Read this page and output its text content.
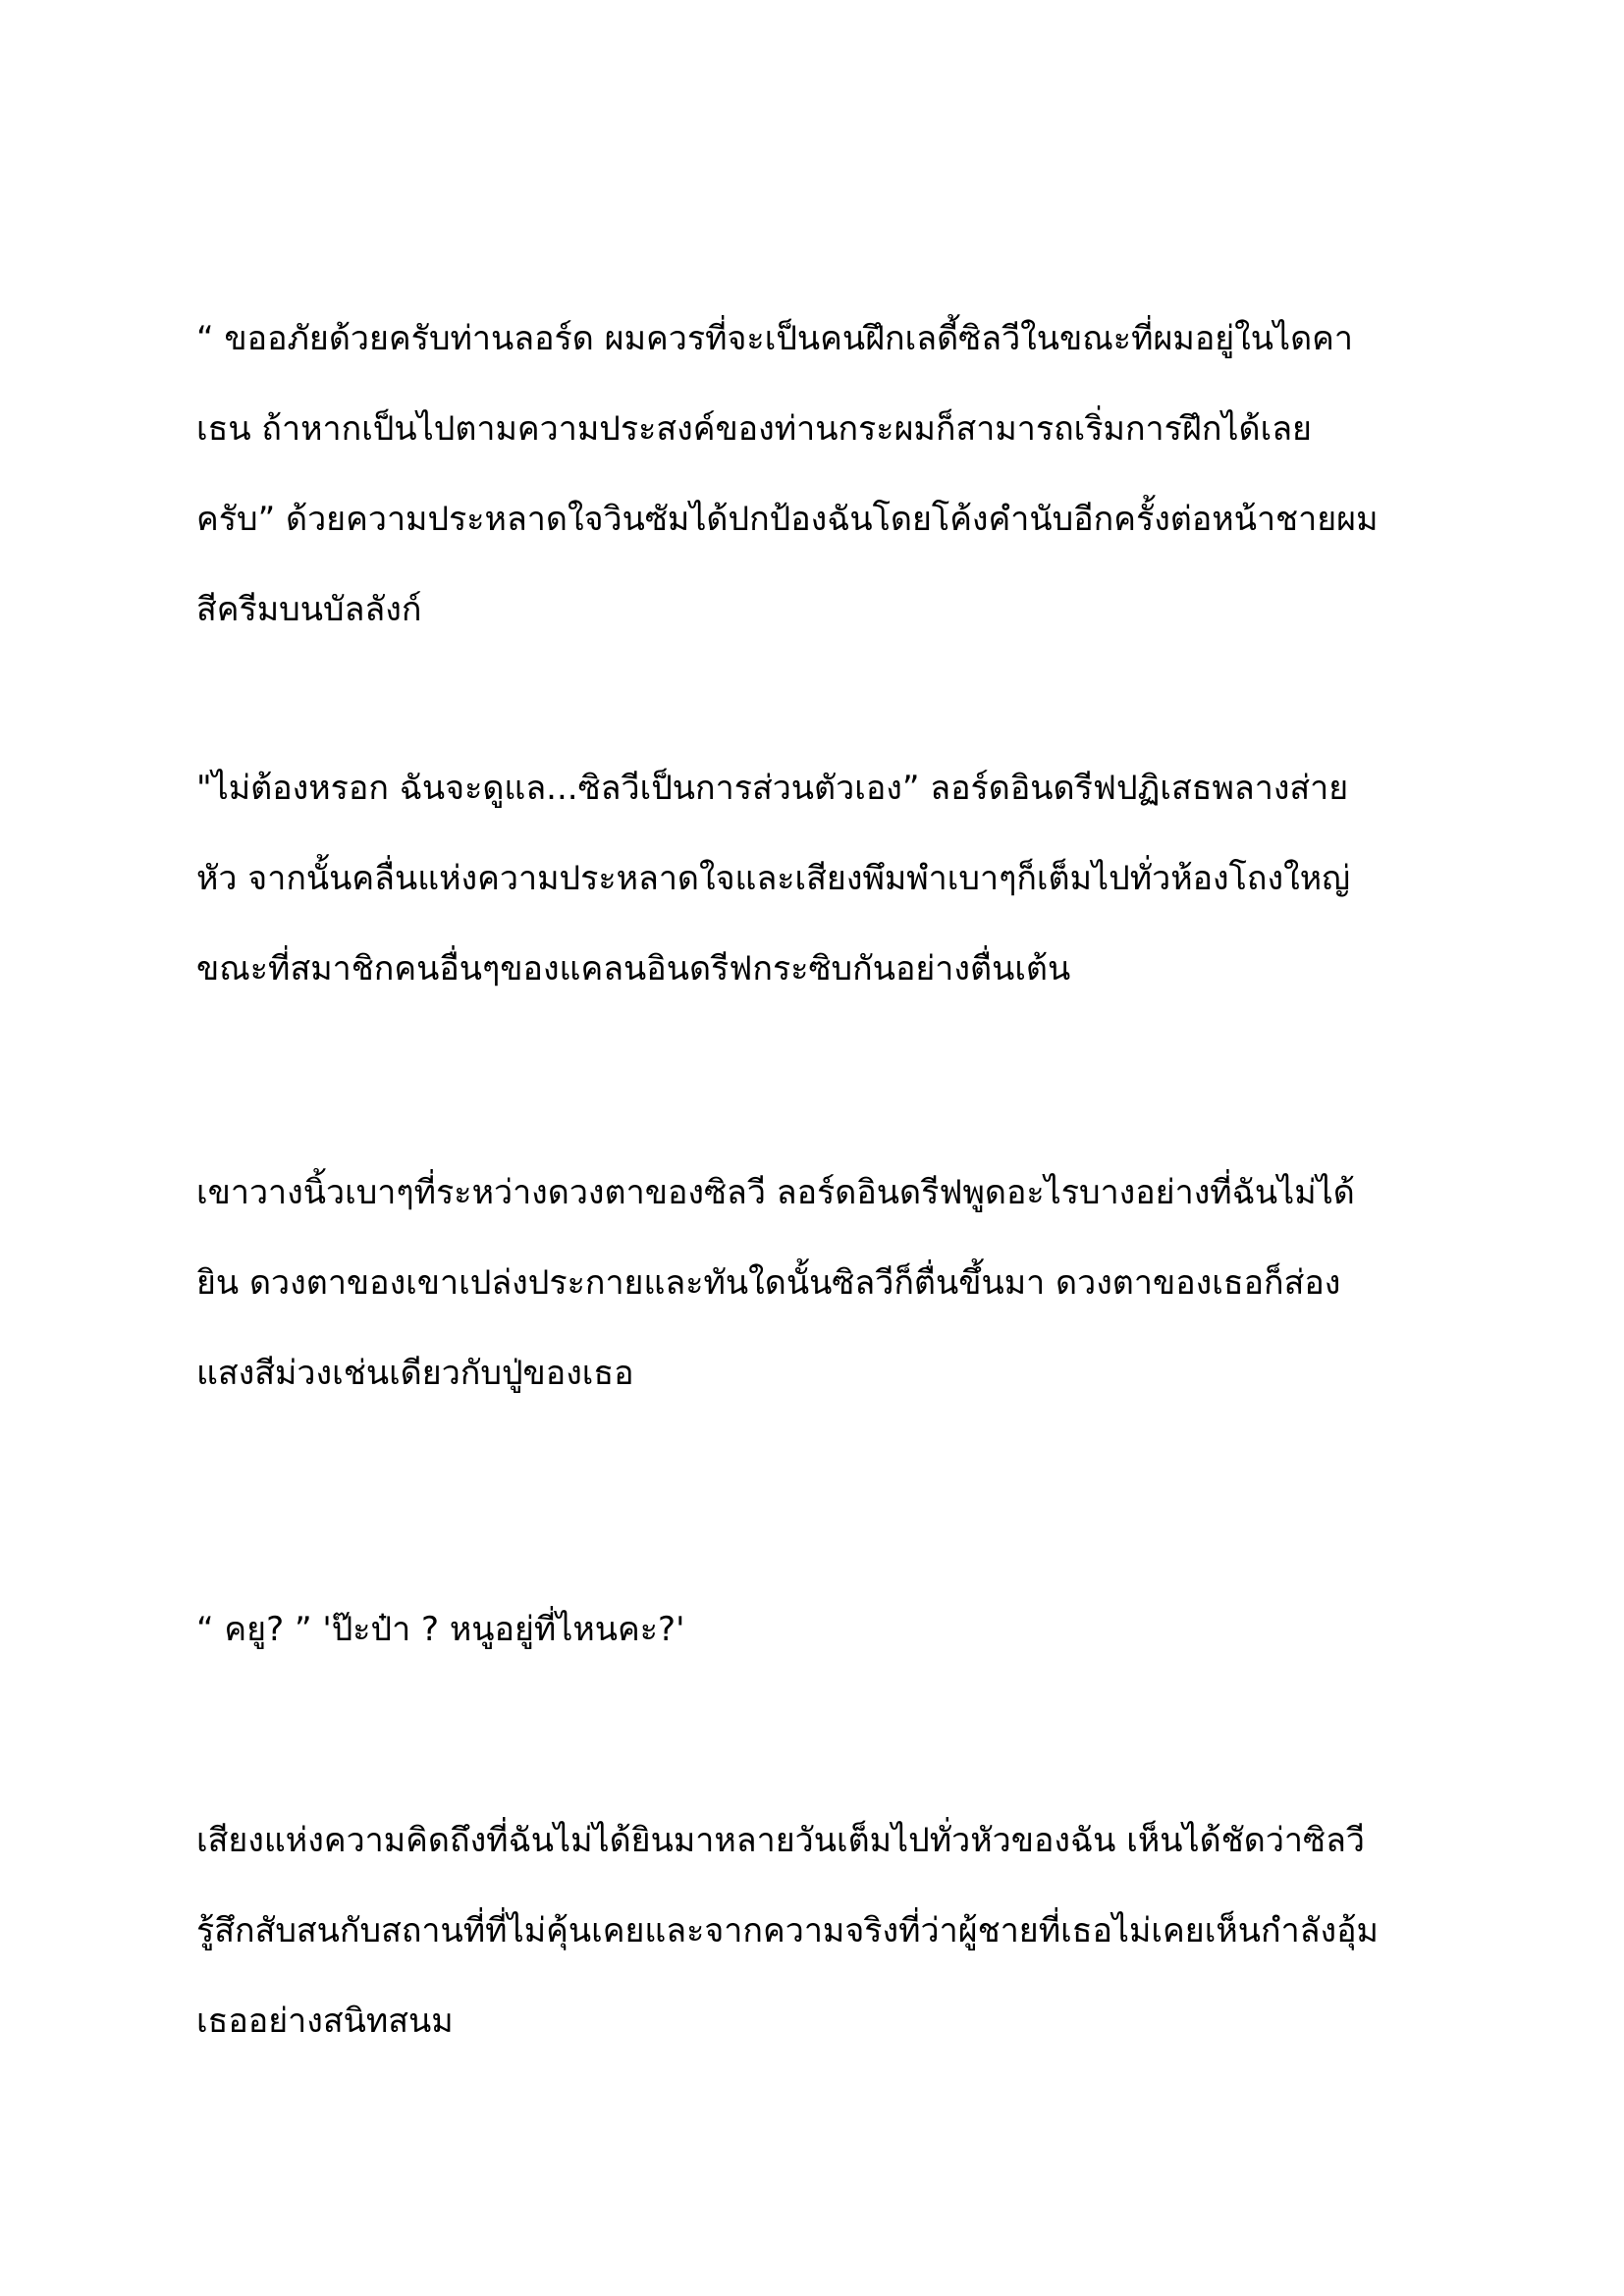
“ ขออภัยด้วยครับท่านลอร์ด ผมควรที่จะเป็นคนฝึกเลดี้ซิลวีในขณะที่ผมอยู่ในไดคา
เธน ถ้าหากเป็นไปตามความประสงค์ของท่านกระผมก็สามารถเริ่มการฝึกได้เลย
ครับ” ด้วยความประหลาดใจวินซัมได้ปกป้องฉันโดยโค้งคำนับอีกครั้งต่อหน้าชายผม
สีครีมบนบัลลังก์

"ไม่ต้องหรอก ฉันจะดูแล...ซิลวีเป็นการส่วนตัวเอง” ลอร์ดอินดรีฟปฏิเสธพลางส่าย
หัว จากนั้นคลื่นแห่งความประหลาดใจและเสียงพึมพำเบาๆก็เต็มไปทั่วห้องโถงใหญ่
ขณะที่สมาชิกคนอื่นๆของแคลนอินดรีฟกระซิบกันอย่างตื่นเต้น

เขาวางนิ้วเบาๆที่ระหว่างดวงตาของซิลวี ลอร์ดอินดรีฟพูดอะไรบางอย่างที่ฉันไม่ได้
ยิน ดวงตาของเขาเปล่งประกายและทันใดนั้นซิลวีก็ตื่นขึ้นมา ดวงตาของเธอก็ส่อง
แสงสีม่วงเช่นเดียวกับปู่ของเธอ

“ คยู? ” 'ป๊ะป๋า ? หนูอยู่ที่ไหนคะ?'

เสียงแห่งความคิดถึงที่ฉันไม่ได้ยินมาหลายวันเต็มไปทั่วหัวของฉัน เห็นได้ชัดว่าซิลวี
รู้สึกสับสนกับสถานที่ที่ไม่คุ้นเคยและจากความจริงที่ว่าผู้ชายที่เธอไม่เคยเห็นกำลังอุ้ม
เธออย่างสนิทสนม
